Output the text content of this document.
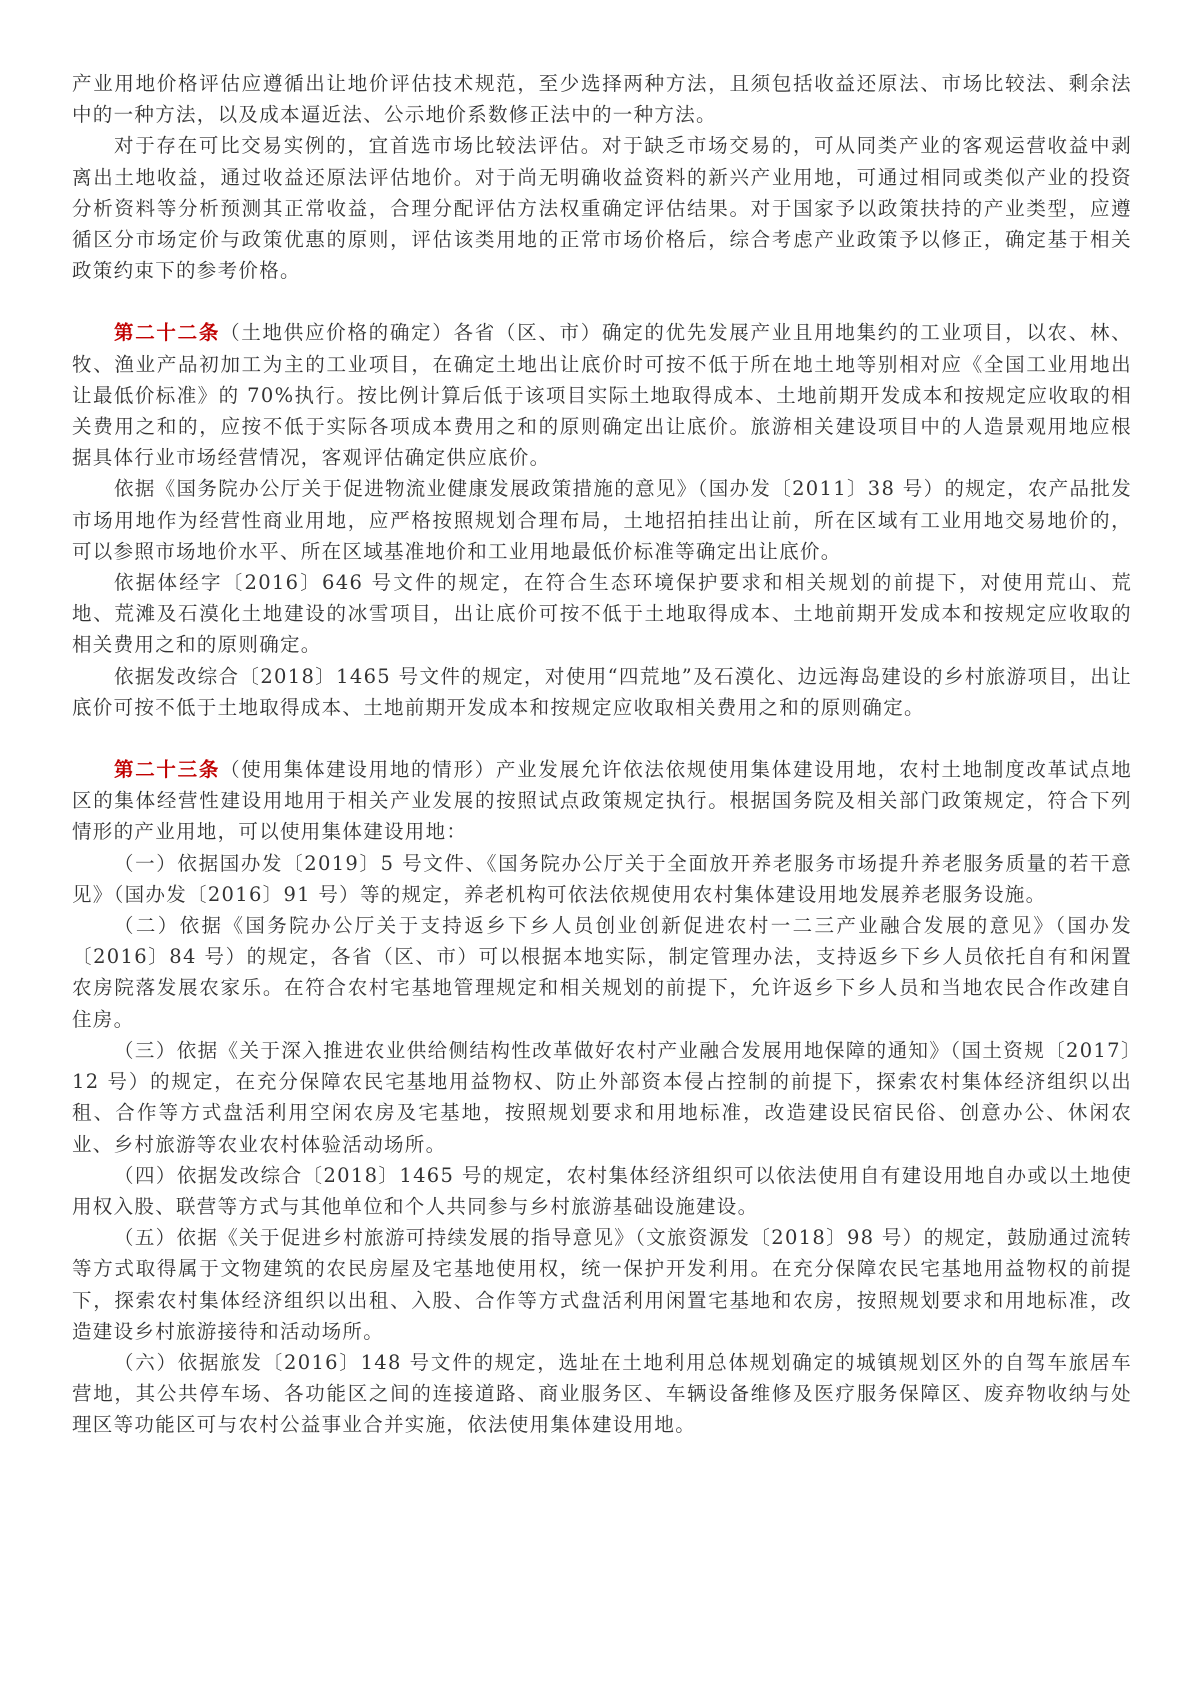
产业用地价格评估应遵循出让地价评估技术规范，至少选择两种方法，且须包括收益还原法、市场比较法、剩余法中的一种方法，以及成本逼近法、公示地价系数修正法中的一种方法。

对于存在可比交易实例的，宜首选市场比较法评估。对于缺乏市场交易的，可从同类产业的客观运营收益中剥离出土地收益，通过收益还原法评估地价。对于尚无明确收益资料的新兴产业用地，可通过相同或类似产业的投资分析资料等分析预测其正常收益，合理分配评估方法权重确定评估结果。对于国家予以政策扶持的产业类型，应遵循区分市场定价与政策优惠的原则，评估该类用地的正常市场价格后，综合考虑产业政策予以修正，确定基于相关政策约束下的参考价格。

第二十二条（土地供应价格的确定）各省（区、市）确定的优先发展产业且用地集约的工业项目，以农、林、牧、渔业产品初加工为主的工业项目，在确定土地出让底价时可按不低于所在地土地等别相对应《全国工业用地出让最低价标准》的 70%执行。按比例计算后低于该项目实际土地取得成本、土地前期开发成本和按规定应收取的相关费用之和的，应按不低于实际各项成本费用之和的原则确定出让底价。旅游相关建设项目中的人造景观用地应根据具体行业市场经营情况，客观评估确定供应底价。

依据《国务院办公厅关于促进物流业健康发展政策措施的意见》（国办发〔2011〕38 号）的规定，农产品批发市场用地作为经营性商业用地，应严格按照规划合理布局，土地招拍挂出让前，所在区域有工业用地交易地价的，可以参照市场地价水平、所在区域基准地价和工业用地最低价标准等确定出让底价。

依据体经字〔2016〕646 号文件的规定，在符合生态环境保护要求和相关规划的前提下，对使用荒山、荒地、荒滩及石漠化土地建设的冰雪项目，出让底价可按不低于土地取得成本、土地前期开发成本和按规定应收取的相关费用之和的原则确定。

依据发改综合〔2018〕1465 号文件的规定，对使用“四荒地”及石漠化、边远海岛建设的乡村旅游项目，出让底价可按不低于土地取得成本、土地前期开发成本和按规定应收取相关费用之和的原则确定。

第二十三条（使用集体建设用地的情形）产业发展允许依法依规使用集体建设用地，农村土地制度改革试点地区的集体经营性建设用地用于相关产业发展的按照试点政策规定执行。根据国务院及相关部门政策规定，符合下列情形的产业用地，可以使用集体建设用地：

（一）依据国办发〔2019〕5 号文件、《国务院办公厅关于全面放开养老服务市场提升养老服务质量的若干意见》（国办发〔2016〕91 号）等的规定，养老机构可依法依规使用农村集体建设用地发展养老服务设施。

（二）依据《国务院办公厅关于支持返乡下乡人员创业创新促进农村一二三产业融合发展的意见》（国办发〔2016〕84 号）的规定，各省（区、市）可以根据本地实际，制定管理办法，支持返乡下乡人员依托自有和闲置农房院落发展农家乐。在符合农村宅基地管理规定和相关规划的前提下，允许返乡下乡人员和当地农民合作改建自住房。

（三）依据《关于深入推进农业供给侧结构性改革做好农村产业融合发展用地保障的通知》（国土资规〔2017〕12 号）的规定，在充分保障农民宅基地用益物权、防止外部资本侵占控制的前提下，探索农村集体经济组织以出租、合作等方式盘活利用空闲农房及宅基地，按照规划要求和用地标准，改造建设民宿民俗、创意办公、休闲农业、乡村旅游等农业农村体验活动场所。

（四）依据发改综合〔2018〕1465 号的规定，农村集体经济组织可以依法使用自有建设用地自办或以土地使用权入股、联营等方式与其他单位和个人共同参与乡村旅游基础设施建设。

（五）依据《关于促进乡村旅游可持续发展的指导意见》（文旅资源发〔2018〕98 号）的规定，鼓励通过流转等方式取得属于文物建筑的农民房屋及宅基地使用权，统一保护开发利用。在充分保障农民宅基地用益物权的前提下，探索农村集体经济组织以出租、入股、合作等方式盘活利用闲置宅基地和农房，按照规划要求和用地标准，改造建设乡村旅游接待和活动场所。

（六）依据旅发〔2016〕148 号文件的规定，选址在土地利用总体规划确定的城镇规划区外的自驾车旅居车营地，其公共停车场、各功能区之间的连接道路、商业服务区、车辆设备维修及医疗服务保障区、废弃物收纳与处理区等功能区可与农村公益事业合并实施，依法使用集体建设用地。
